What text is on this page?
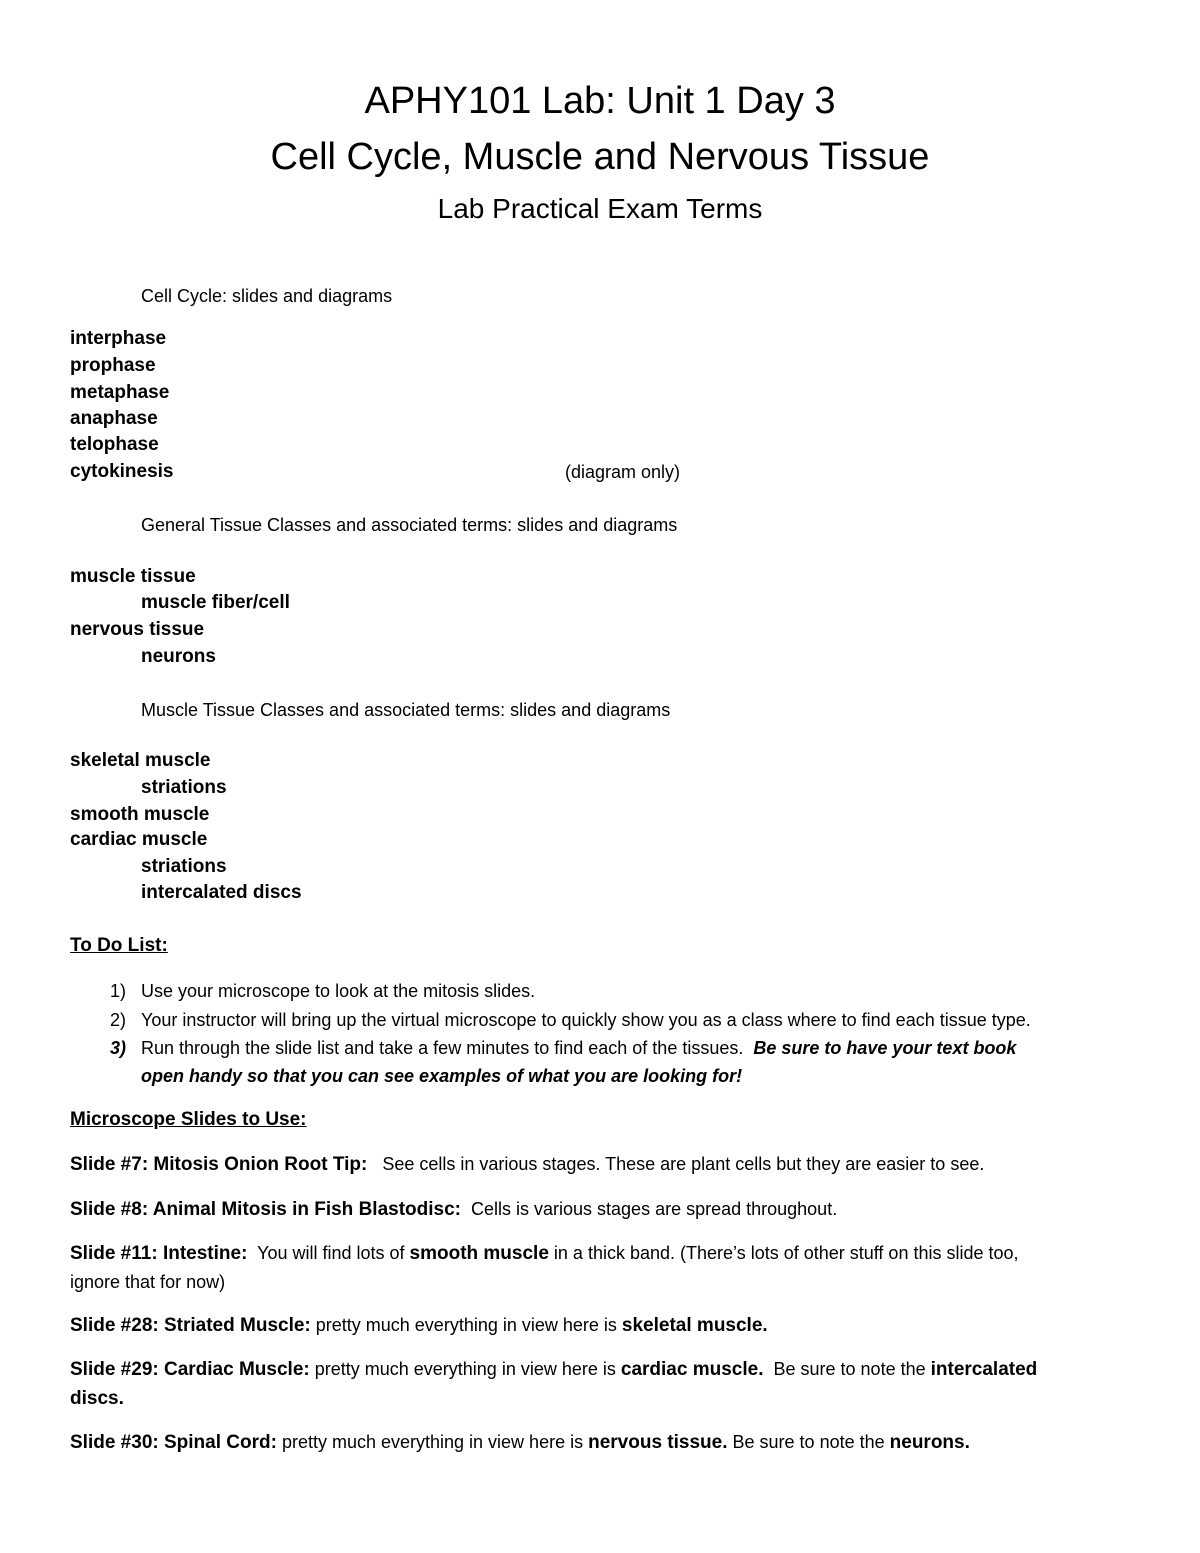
APHY101 Lab: Unit 1 Day 3
Cell Cycle, Muscle and Nervous Tissue
Lab Practical Exam Terms
Cell Cycle: slides and diagrams
interphase
prophase
metaphase
anaphase
telophase
cytokinesis	(diagram only)
General Tissue Classes and associated terms: slides and diagrams
muscle tissue
muscle fiber/cell
nervous tissue
neurons
Muscle Tissue Classes and associated terms: slides and diagrams
skeletal muscle
striations
smooth muscle
cardiac muscle
striations
intercalated discs
To Do List:
1) Use your microscope to look at the mitosis slides.
2) Your instructor will bring up the virtual microscope to quickly show you as a class where to find each tissue type.
3) Run through the slide list and take a few minutes to find each of the tissues. Be sure to have your text book
open handy so that you can see examples of what you are looking for!
Microscope Slides to Use:
Slide #7: Mitosis Onion Root Tip: See cells in various stages. These are plant cells but they are easier to see.
Slide #8: Animal Mitosis in Fish Blastodisc: Cells is various stages are spread throughout.
Slide #11: Intestine: You will find lots of smooth muscle in a thick band. (There’s lots of other stuff on this slide too,
ignore that for now)
Slide #28: Striated Muscle: pretty much everything in view here is skeletal muscle.
Slide #29: Cardiac Muscle: pretty much everything in view here is cardiac muscle. Be sure to note the intercalated
discs.
Slide #30: Spinal Cord: pretty much everything in view here is nervous tissue. Be sure to note the neurons.
